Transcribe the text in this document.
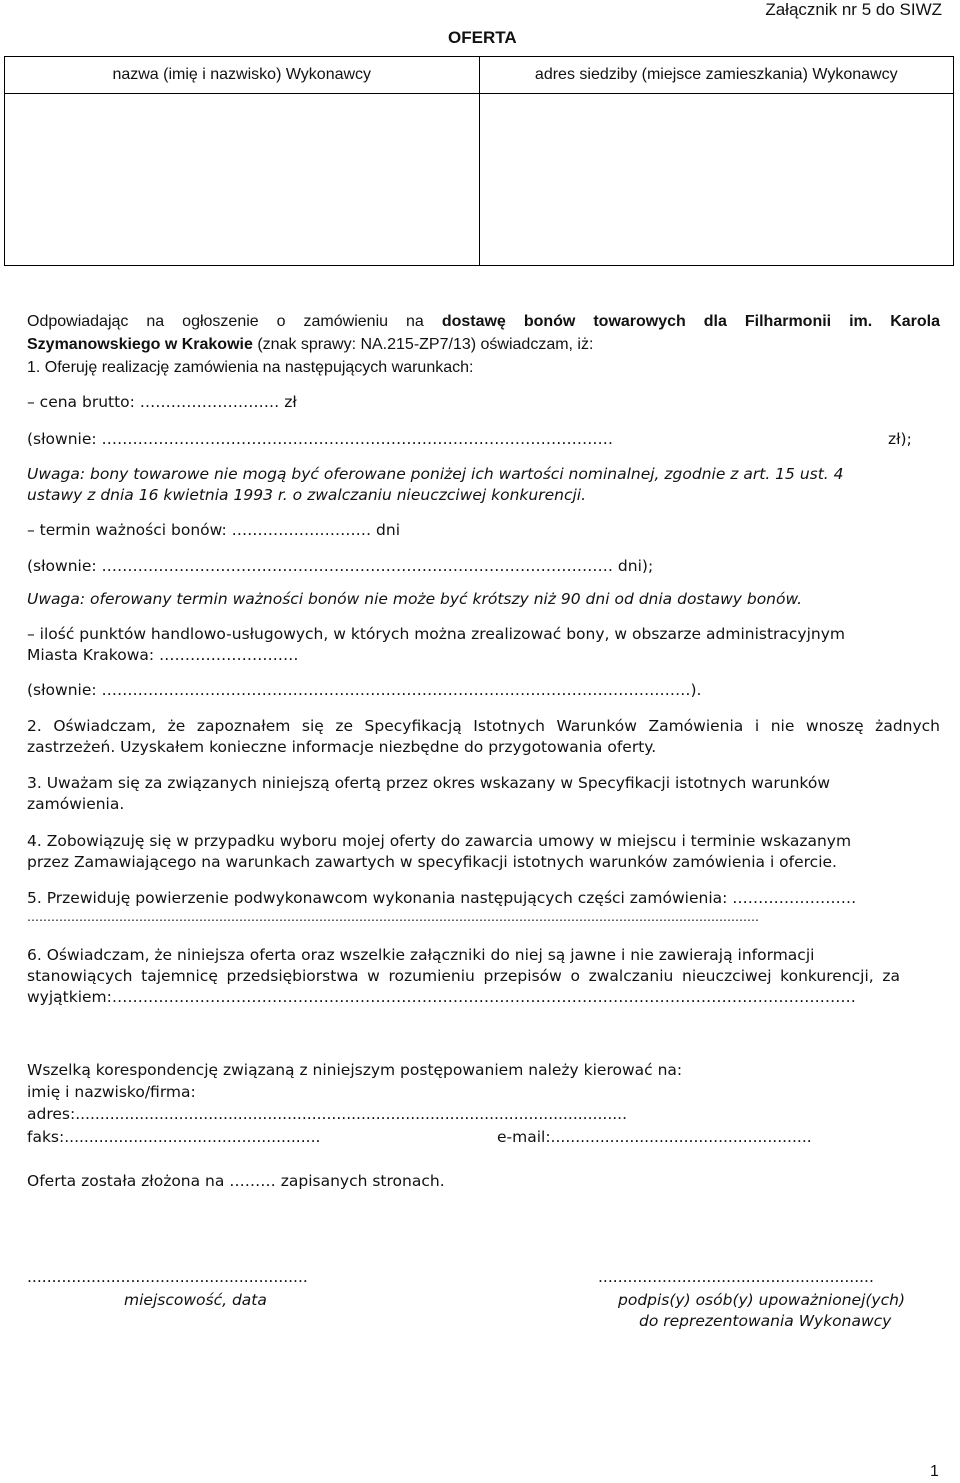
Załącznik nr 5 do SIWZ
OFERTA
nazwa (imię i nazwisko) Wykonawcy	adres siedziby (miejsce zamieszkania) Wykonawcy

Odpowiadając na ogłoszenie o zamówieniu na dostawę bonów towarowych dla Filharmonii im. Karola
Szymanowskiego w Krakowie (znak sprawy: NA.215-ZP7/13) oświadczam, iż:
1. Oferuję realizację zamówienia na następujących warunkach:
– cena brutto: ……………………… zł
(słownie: ………………………………………………………………………………………	zł);
Uwaga: bony towarowe nie mogą być oferowane poniżej ich wartości nominalnej, zgodnie z art. 15 ust. 4
ustawy z dnia 16 kwietnia 1993 r. o zwalczaniu nieuczciwej konkurencji.
– termin ważności bonów: ……………………… dni
(słownie: ……………………………………………………………………………………… dni);
Uwaga: oferowany termin ważności bonów nie może być krótszy niż 90 dni od dnia dostawy bonów.
– ilość punktów handlowo-usługowych, w których można zrealizować bony, w obszarze administracyjnym
Miasta Krakowa: ………………………
(słownie: ……………………………………………………………………………………………………).
2. Oświadczam, że zapoznałem się ze Specyfikacją Istotnych Warunków Zamówienia i nie wnoszę żadnych
zastrzeżeń. Uzyskałem konieczne informacje niezbędne do przygotowania oferty.
3. Uważam się za związanych niniejszą ofertą przez okres wskazany w Specyfikacji istotnych warunków
zamówienia.
4. Zobowiązuję się w przypadku wyboru mojej oferty do zawarcia umowy w miejscu i terminie wskazanym
przez Zamawiającego na warunkach zawartych w specyfikacji istotnych warunków zamówienia i ofercie.
5. Przewiduję powierzenie podwykonawcom wykonania następujących części zamówienia: ……………………
…………………………………………………………………………………………………………………………………………………………………
6. Oświadczam, że niniejsza oferta oraz wszelkie załączniki do niej są jawne i nie zawierają informacji
stanowiących tajemnicę przedsiębiorstwa w rozumieniu przepisów o zwalczaniu nieuczciwej konkurencji, za
wyjątkiem:………………………………………………………………………………………………………………………………
Wszelką korespondencję związaną z niniejszym postępowaniem należy kierować na:
imię i nazwisko/firma:
adres:................................................................................................................
faks:....................................................	e-mail:.....................................................
Oferta została złożona na ……… zapisanych stronach.
.........................................................
miejscowość, data
........................................................
podpis(y) osób(y) upoważnionej(ych)
do reprezentowania Wykonawcy
1
